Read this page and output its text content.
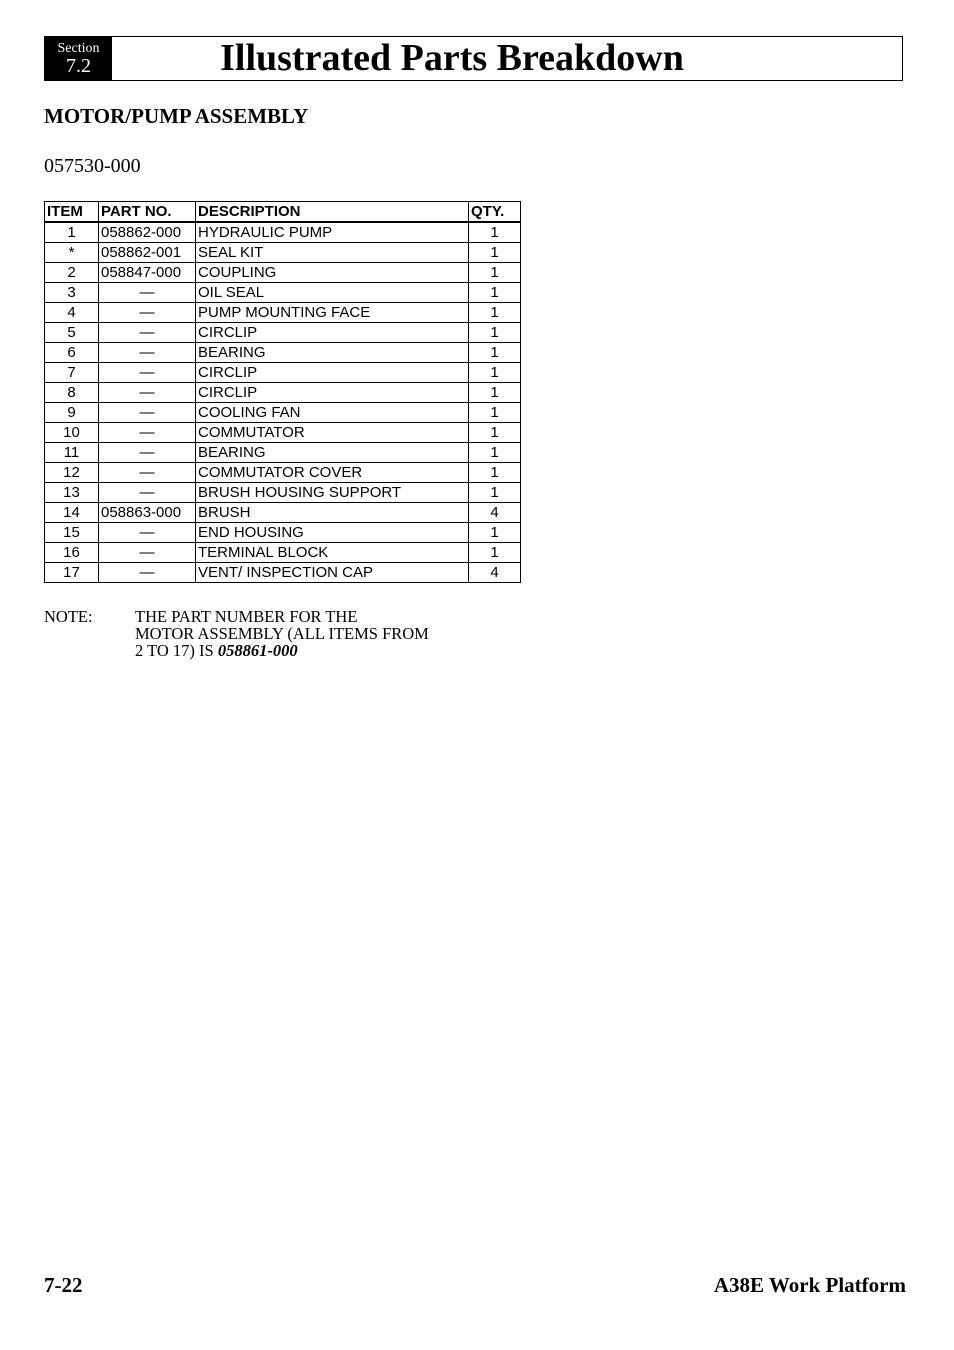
Section
7.2	Illustrated Parts Breakdown
MOTOR/PUMP ASSEMBLY
057530-000
ITEM	PART NO.	DESCRIPTION	QTY.
1	058862-000	HYDRAULIC PUMP	1
*	058862-001	SEAL KIT	1
2	058847-000	COUPLING	1
3	—	OIL SEAL	1
4	—	PUMP MOUNTING FACE	1
5	—	CIRCLIP	1
6	—	BEARING	1
7	—	CIRCLIP	1
8	—	CIRCLIP	1
9	—	COOLING FAN	1
10	—	COMMUTATOR	1
11	—	BEARING	1
12	—	COMMUTATOR COVER	1
13	—	BRUSH HOUSING SUPPORT	1
14	058863-000	BRUSH	4
15	—	END HOUSING	1
16	—	TERMINAL BLOCK	1
17	—	VENT/ INSPECTION CAP	4
NOTE:	THE PART NUMBER FOR THE
MOTOR ASSEMBLY (ALL ITEMS FROM
2 TO 17) IS 058861-000
7-22	A38E Work Platform
